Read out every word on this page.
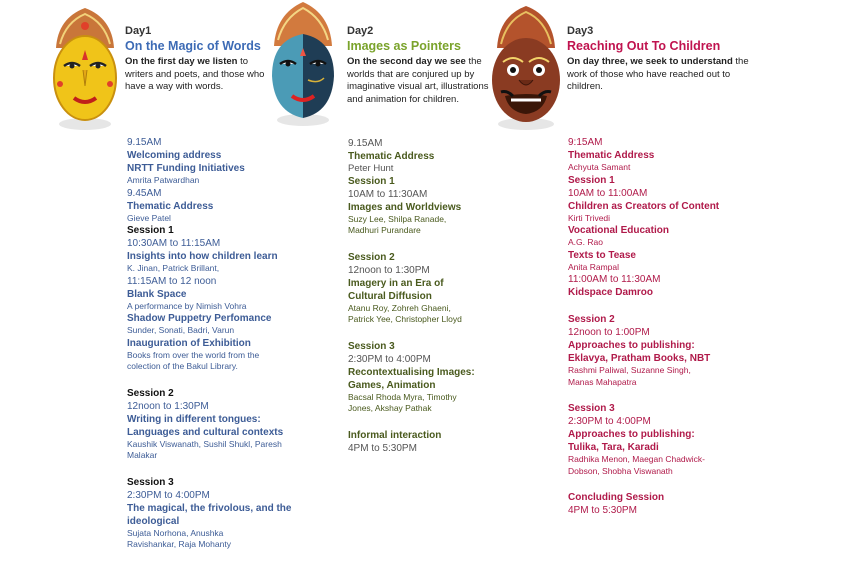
Day1

On the Magic of Words

On the first day we listen to writers and poets, and those who have a way with words.

Day2

Images as Pointers

On the second day we see the worlds that are conjured up by imaginative visual art, illustrations and animation for children.

Day3

Reaching Out To Children

On day three, we seek to understand the work of those who have reached out to children.
9.15AM
Welcoming address
NRTT Funding Initiatives
Amrita Patwardhan
9.45AM
Thematic Address
Gieve Patel
Session 1
10:30AM to 11:15AM
Insights into how children learn
K. Jinan, Patrick Brillant,
11:15AM to 12 noon
Blank Space
A performance by Nimish Vohra
Shadow Puppetry Perfomance
Sunder, Sonati, Badri, Varun
Inauguration of Exhibition
Books from over the world from the
colection of the Bakul Library.
Session 2
12noon to 1:30PM
Writing in different tongues:
Languages and cultural contexts
Kaushik Viswanath, Sushil Shukl, Paresh
Malakar
Session 3
2:30PM to 4:00PM
The magical, the frivolous, and the
ideological
Sujata Norhona, Anushka
Ravishankar, Raja Mohanty
9.15AM
Thematic Address
Peter Hunt
Session 1
10AM to 11:30AM
Images and Worldviews
Suzy Lee, Shilpa Ranade,
Madhuri Purandare
Session 2
12noon to 1:30PM
Imagery in an Era of
Cultural Diffusion
Atanu Roy, Zohreh Ghaeni,
Patrick Yee, Christopher Lloyd
Session 3
2:30PM to 4:00PM
Recontextualising Images:
Games, Animation
Bacsal Rhoda Myra, Timothy
Jones, Akshay Pathak
Informal interaction
4PM to 5:30PM
9:15AM
Thematic Address
Achyuta Samant
Session 1
10AM to 11:00AM
Children as Creators of Content
Kirti Trivedi
Vocational Education
A.G. Rao
Texts to Tease
Anita Rampal
11:00AM to 11:30AM
Kidspace Damroo
Session 2
12noon to 1:00PM
Approaches to publishing:
Eklavya, Pratham Books, NBT
Rashmi Paliwal, Suzanne Singh,
Manas Mahapatra
Session 3
2:30PM to 4:00PM
Approaches to publishing:
Tulika, Tara, Karadi
Radhika Menon, Maegan Chadwick-
Dobson, Shobha Viswanath
Concluding Session
4PM to 5:30PM
